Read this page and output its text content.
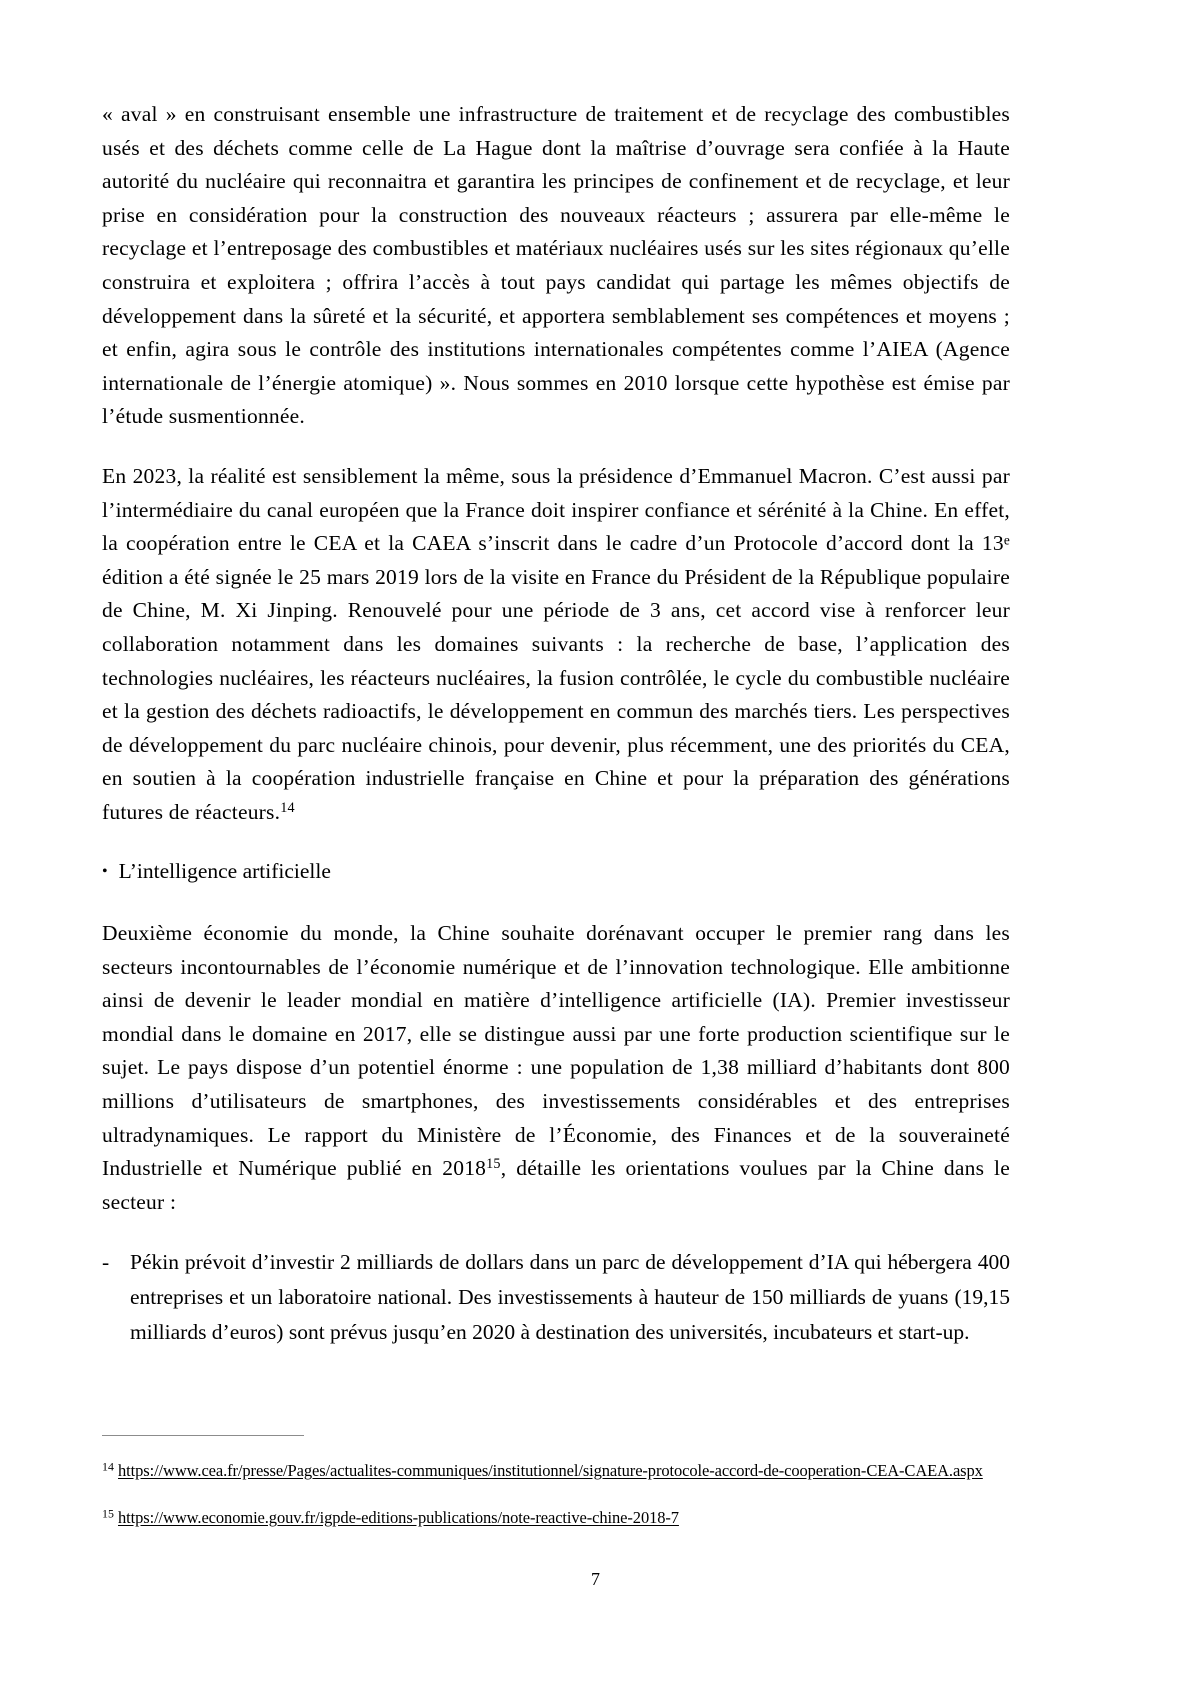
« aval » en construisant ensemble une infrastructure de traitement et de recyclage des combustibles usés et des déchets comme celle de La Hague dont la maîtrise d’ouvrage sera confiée à la Haute autorité du nucléaire qui reconnaitra et garantira les principes de confinement et de recyclage, et leur prise en considération pour la construction des nouveaux réacteurs ; assurera par elle-même le recyclage et l’entreposage des combustibles et matériaux nucléaires usés sur les sites régionaux qu’elle construira et exploitera ; offrira l’accès à tout pays candidat qui partage les mêmes objectifs de développement dans la sûreté et la sécurité, et apportera semblablement ses compétences et moyens ; et enfin, agira sous le contrôle des institutions internationales compétentes comme l’AIEA (Agence internationale de l’énergie atomique) ». Nous sommes en 2010 lorsque cette hypothèse est émise par l’étude susmentionnée.

En 2023, la réalité est sensiblement la même, sous la présidence d’Emmanuel Macron. C’est aussi par l’intermédiaire du canal européen que la France doit inspirer confiance et sérénité à la Chine. En effet, la coopération entre le CEA et la CAEA s’inscrit dans le cadre d’un Protocole d’accord dont la 13e édition a été signée le 25 mars 2019 lors de la visite en France du Président de la République populaire de Chine, M. Xi Jinping. Renouvelé pour une période de 3 ans, cet accord vise à renforcer leur collaboration notamment dans les domaines suivants : la recherche de base, l’application des technologies nucléaires, les réacteurs nucléaires, la fusion contrôlée, le cycle du combustible nucléaire et la gestion des déchets radioactifs, le développement en commun des marchés tiers. Les perspectives de développement du parc nucléaire chinois, pour devenir, plus récemment, une des priorités du CEA, en soutien à la coopération industrielle française en Chine et pour la préparation des générations futures de réacteurs.$^{14}$

• L’intelligence artificielle

Deuxième économie du monde, la Chine souhaite dorénavant occuper le premier rang dans les secteurs incontournables de l’économie numérique et de l’innovation technologique. Elle ambitionne ainsi de devenir le leader mondial en matière d’intelligence artificielle (IA). Premier investisseur mondial dans le domaine en 2017, elle se distingue aussi par une forte production scientifique sur le sujet. Le pays dispose d’un potentiel énorme : une population de 1,38 milliard d’habitants dont 800 millions d’utilisateurs de smartphones, des investissements considérables et des entreprises ultradynamiques. Le rapport du Ministère de l’Économie, des Finances et de la souveraineté Industrielle et Numérique publié en 2018$^{15}$, détaille les orientations voulues par la Chine dans le secteur :

- Pékin prévoit d’investir 2 milliards de dollars dans un parc de développement d’IA qui hébergera 400 entreprises et un laboratoire national. Des investissements à hauteur de 150 milliards de yuans (19,15 milliards d’euros) sont prévus jusqu’en 2020 à destination des universités, incubateurs et start-up.

$^{14}$ https://www.cea.fr/presse/Pages/actualites-communiques/institutionnel/signature-protocole-accord-de-cooperation-CEA-CAEA.aspx

$^{15}$ https://www.economie.gouv.fr/igpde-editions-publications/note-reactive-chine-2018-7

7
